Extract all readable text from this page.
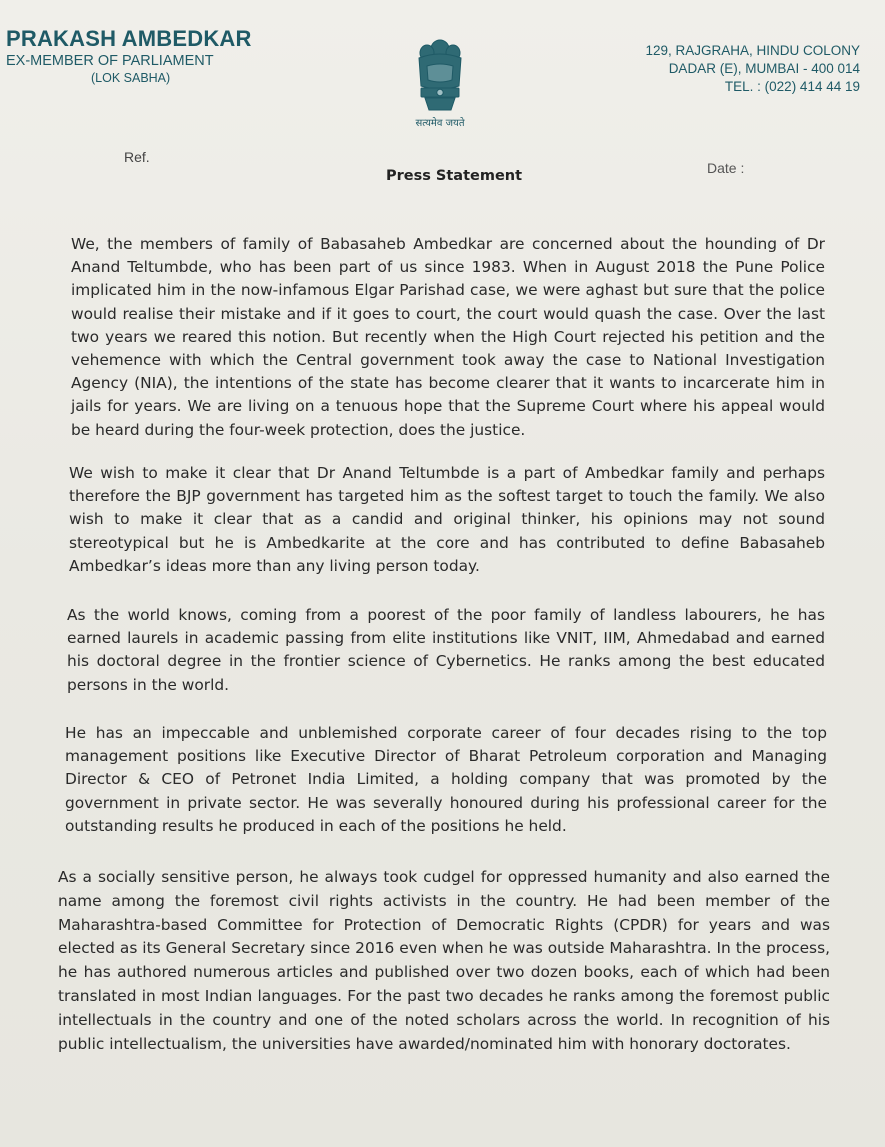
PRAKASH AMBEDKAR
EX-MEMBER OF PARLIAMENT
(LOK SABHA)
सत्यमेव जयते
129, RAJGRAHA, HINDU COLONY
DADAR (E), MUMBAI - 400 014
TEL. : (022) 414 44 19
Ref.
Date :
Press Statement
We, the members of family of Babasaheb Ambedkar are concerned about the hounding of Dr Anand Teltumbde, who has been part of us since 1983. When in August 2018 the Pune Police implicated him in the now-infamous Elgar Parishad case, we were aghast but sure that the police would realise their mistake and if it goes to court, the court would quash the case. Over the last two years we reared this notion. But recently when the High Court rejected his petition and the vehemence with which the Central government took away the case to National Investigation Agency (NIA), the intentions of the state has become clearer that it wants to incarcerate him in jails for years. We are living on a tenuous hope that the Supreme Court where his appeal would be heard during the four-week protection, does the justice.
We wish to make it clear that Dr Anand Teltumbde is a part of Ambedkar family and perhaps therefore the BJP government has targeted him as the softest target to touch the family. We also wish to make it clear that as a candid and original thinker, his opinions may not sound stereotypical but he is Ambedkarite at the core and has contributed to define Babasaheb Ambedkar’s ideas more than any living person today.
As the world knows, coming from a poorest of the poor family of landless labourers, he has earned laurels in academic passing from elite institutions like VNIT, IIM, Ahmedabad and earned his doctoral degree in the frontier science of Cybernetics. He ranks among the best educated persons in the world.
He has an impeccable and unblemished corporate career of four decades rising to the top management positions like Executive Director of Bharat Petroleum corporation and Managing Director & CEO of Petronet India Limited, a holding company that was promoted by the government in private sector. He was severally honoured during his professional career for the outstanding results he produced in each of the positions he held.
As a socially sensitive person, he always took cudgel for oppressed humanity and also earned the name among the foremost civil rights activists in the country. He had been member of the Maharashtra-based Committee for Protection of Democratic Rights (CPDR) for years and was elected as its General Secretary since 2016 even when he was outside Maharashtra. In the process, he has authored numerous articles and published over two dozen books, each of which had been translated in most Indian languages. For the past two decades he ranks among the foremost public intellectuals in the country and one of the noted scholars across the world. In recognition of his public intellectualism, the universities have awarded/nominated him with honorary doctorates.
